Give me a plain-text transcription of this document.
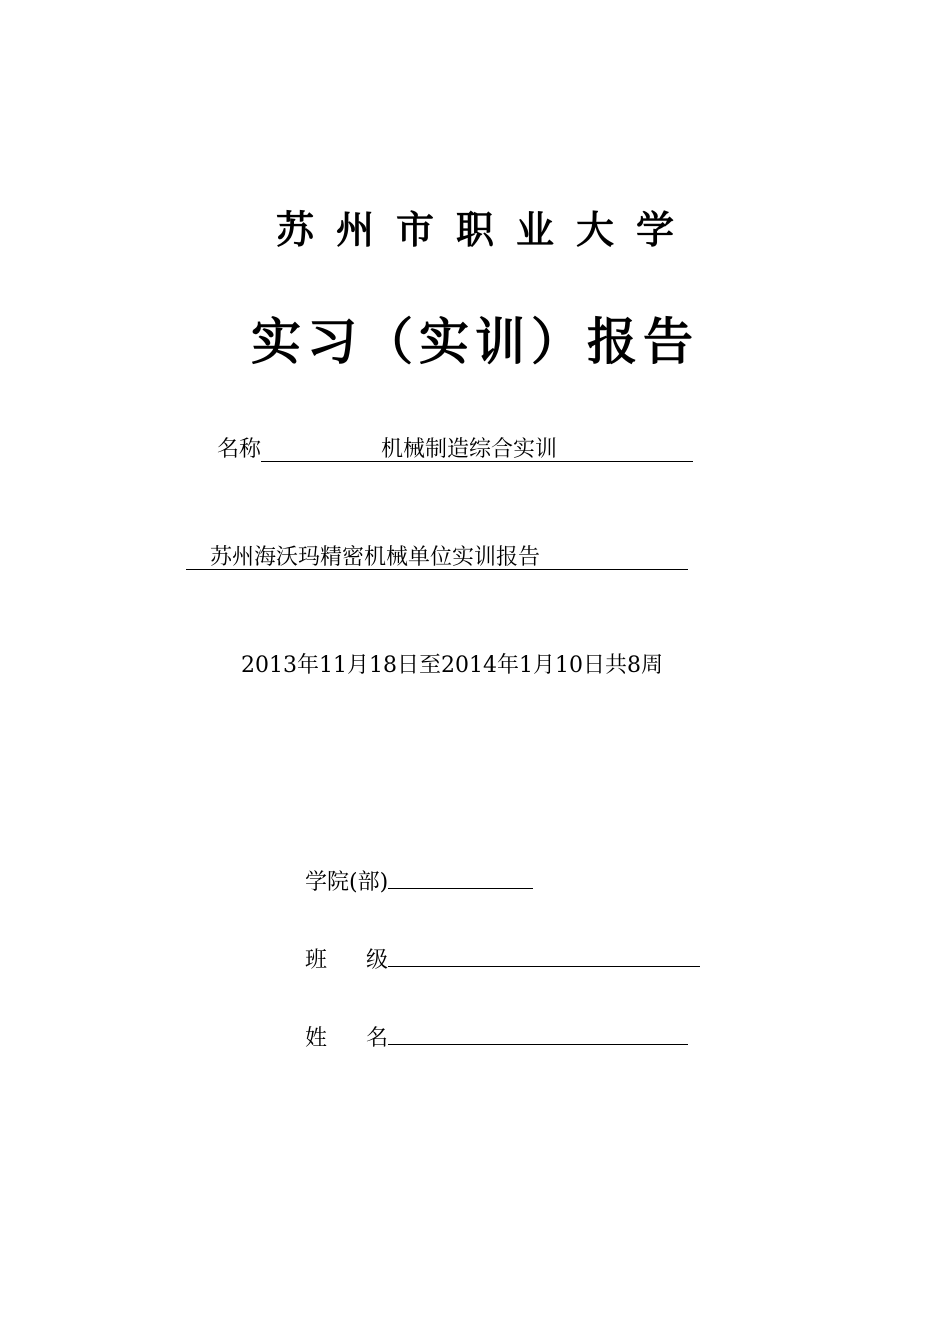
苏州市职业大学
实习（实训）报告
名称	机械制造综合实训
苏州海沃玛精密机械单位实训报告
2013年11月18日至2014年1月10日共8周
学院(部)
班 级
姓 名
